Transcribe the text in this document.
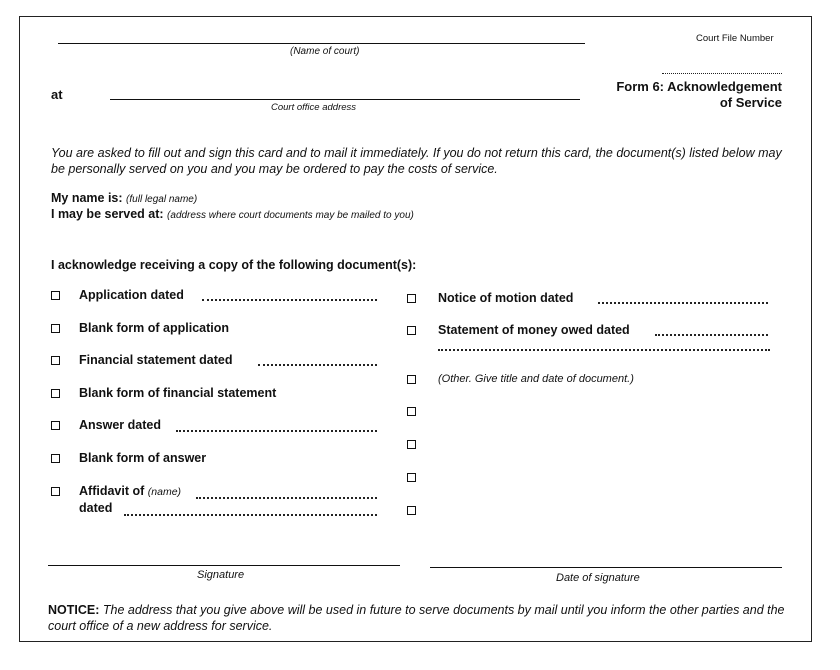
(Name of court)
Court File Number
at
Court office address
Form 6: Acknowledgement
of Service
You are asked to fill out and sign this card and to mail it immediately. If you do not return this card, the document(s) listed below may be personally served on you and you may be ordered to pay the costs of service.
My name is: (full legal name)
I may be served at: (address where court documents may be mailed to you)
I acknowledge receiving a copy of the following document(s):
Application dated
Blank form of application
Financial statement dated
Blank form of financial statement
Answer dated
Blank form of answer
Affidavit of (name)
dated
Notice of motion dated
Statement of money owed dated
(Other. Give title and date of document.)
Signature	Date of signature
NOTICE: The address that you give above will be used in future to serve documents by mail until you inform the other parties and the court office of a new address for service.
